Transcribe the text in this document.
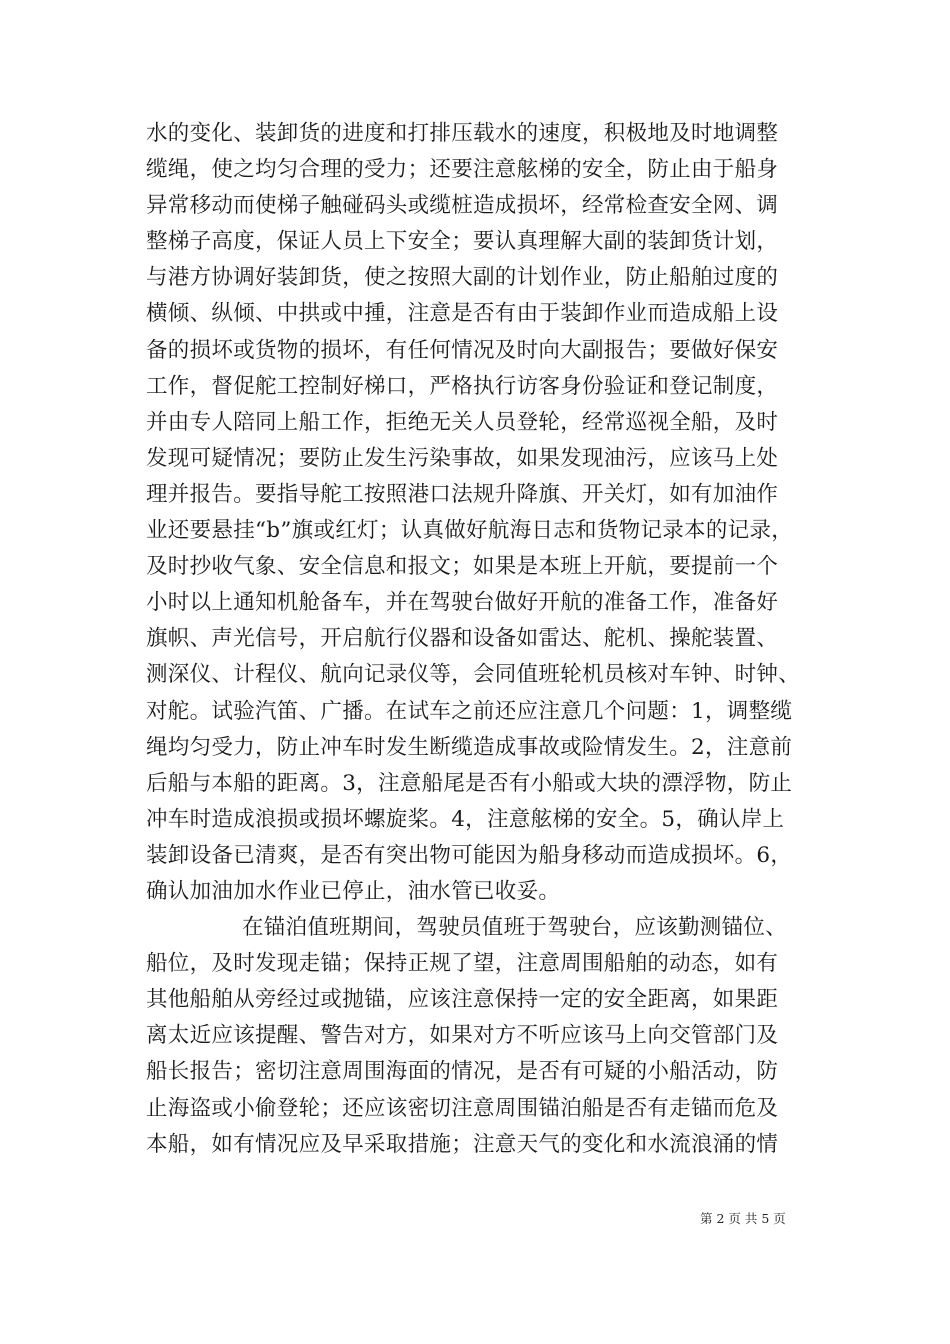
水的变化、装卸货的进度和打排压载水的速度，积极地及时地调整
缆绳，使之均匀合理的受力；还要注意舷梯的安全，防止由于船身
异常移动而使梯子触碰码头或缆桩造成损坏，经常检查安全网、调
整梯子高度，保证人员上下安全；要认真理解大副的装卸货计划，
与港方协调好装卸货，使之按照大副的计划作业，防止船舶过度的
横倾、纵倾、中拱或中揰，注意是否有由于装卸作业而造成船上设
备的损坏或货物的损坏，有任何情况及时向大副报告；要做好保安
工作，督促舵工控制好梯口，严格执行访客身份验证和登记制度，
并由专人陪同上船工作，拒绝无关人员登轮，经常巡视全船，及时
发现可疑情况；要防止发生污染事故，如果发现油污，应该马上处
理并报告。要指导舵工按照港口法规升降旗、开关灯，如有加油作
业还要悬挂“b”旗或红灯；认真做好航海日志和货物记录本的记录，
及时抄收气象、安全信息和报文；如果是本班上开航，要提前一个
小时以上通知机舱备车，并在驾驶台做好开航的准备工作，准备好
旗帜、声光信号，开启航行仪器和设备如雷达、舵机、操舵装置、
测深仪、计程仪、航向记录仪等，会同值班轮机员核对车钟、时钟、
对舵。试验汽笛、广播。在试车之前还应注意几个问题：1，调整缆
绳均匀受力，防止冲车时发生断缆造成事故或险情发生。2，注意前
后船与本船的距离。3，注意船尾是否有小船或大块的漂浮物，防止
冲车时造成浪损或损坏螺旋桨。4，注意舷梯的安全。5，确认岸上
装卸设备已清爽，是否有突出物可能因为船身移动而造成损坏。6，
确认加油加水作业已停止，油水管已收妥。

在锚泊值班期间，驾驶员值班于驾驶台，应该勤测锚位、
船位，及时发现走锚；保持正规了望，注意周围船舶的动态，如有
其他船舶从旁经过或抛锚，应该注意保持一定的安全距离，如果距
离太近应该提醒、警告对方，如果对方不听应该马上向交管部门及
船长报告；密切注意周围海面的情况，是否有可疑的小船活动，防
止海盗或小偷登轮；还应该密切注意周围锚泊船是否有走锚而危及
本船，如有情况应及早采取措施；注意天气的变化和水流浪涌的情

第 2 页 共 5 页
